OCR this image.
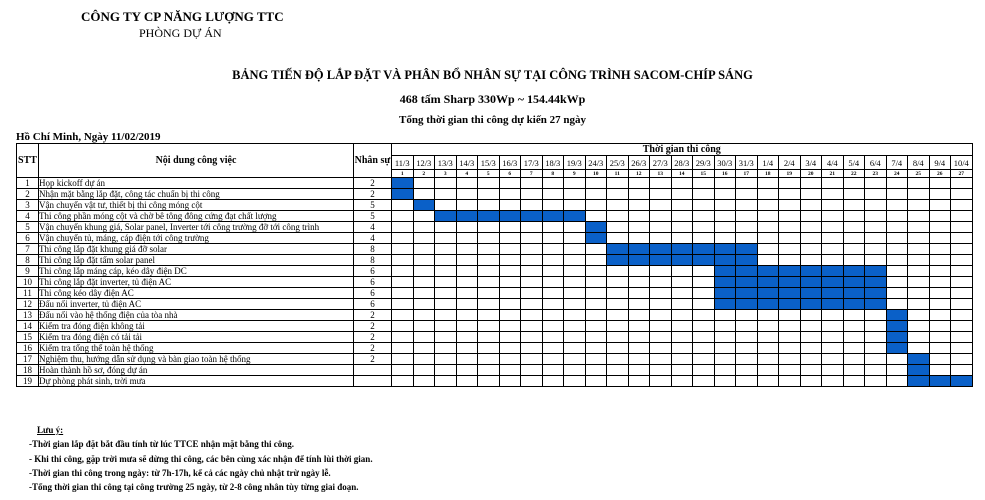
CÔNG TY CP NĂNG LƯỢNG TTC
PHÒNG DỰ ÁN
BẢNG TIẾN ĐỘ LẮP ĐẶT VÀ PHÂN BỔ NHÂN SỰ TẠI CÔNG TRÌNH SACOM-CHÍP SÁNG
468 tấm Sharp 330Wp ~ 154.44kWp
Tổng thời gian thi công dự kiến 27 ngày
Hồ Chí Minh, Ngày 11/02/2019
STT	Nội dung công việc	Nhân sự	Thời gian thi công																										
			11/3	12/3	13/3	14/3	15/3	16/3	17/3	18/3	19/3	24/3	25/3	26/3	27/3	28/3	29/3	30/3	31/3	1/4	2/4	3/4	4/4	5/4	6/4	7/4	8/4	9/4	10/4
			1	2	3	4	5	6	7	8	9	10	11	12	13	14	15	16	17	18	19	20	21	22	23	24	25	26	27
1	Họp kickoff dự án	2																											
2	Nhận mặt bằng lắp đặt, công tác chuẩn bị thi công	2																											
3	Vận chuyển vật tư, thiết bị thi công móng cột	5																											
4	Thi công phần móng cột và chờ bê tông đông cứng đạt chất lượng	5																											
5	Vận chuyển khung giá, Solar panel, Inverter tới công trường đỡ tới công trình	4																											
6	Vận chuyển tủ, máng, cáp điện tới công trường	4																											
7	Thi công lắp đặt khung giá đỡ solar	8																											
8	Thi công lắp đặt tấm solar panel	8																											
9	Thi công lắp máng cáp, kéo dây điện DC	6																											
10	Thi công lắp đặt inverter, tủ điện AC	6																											
11	Thi công kéo dây điện AC	6																											
12	Đấu nối inverter, tủ điện AC	6																											
13	Đấu nối vào hệ thống điện của tòa nhà	2																											
14	Kiểm tra đóng điện không tải	2																											
15	Kiểm tra đóng điện có tải tải	2																											
16	Kiểm tra tổng thể toàn hệ thống	2																											
17	Nghiệm thu, hướng dẫn sử dụng và bàn giao toàn hệ thống	2																											
18	Hoàn thành hồ sơ, đóng dự án																												
19	Dự phòng phát sinh, trời mưa																												
Lưu ý:
-Thời gian lắp đặt bắt đầu tính từ lúc TTCE nhận mặt bằng thi công.
- Khi thi công, gặp trời mưa sẽ dừng thi công, các bên cùng xác nhận để tính lùi thời gian.
-Thời gian thi công trong ngày: từ 7h-17h, kể cả các ngày chủ nhật trừ ngày lễ.
-Tổng thời gian thi công tại công trường 25 ngày, từ 2-8 công nhân tùy từng giai đoạn.
